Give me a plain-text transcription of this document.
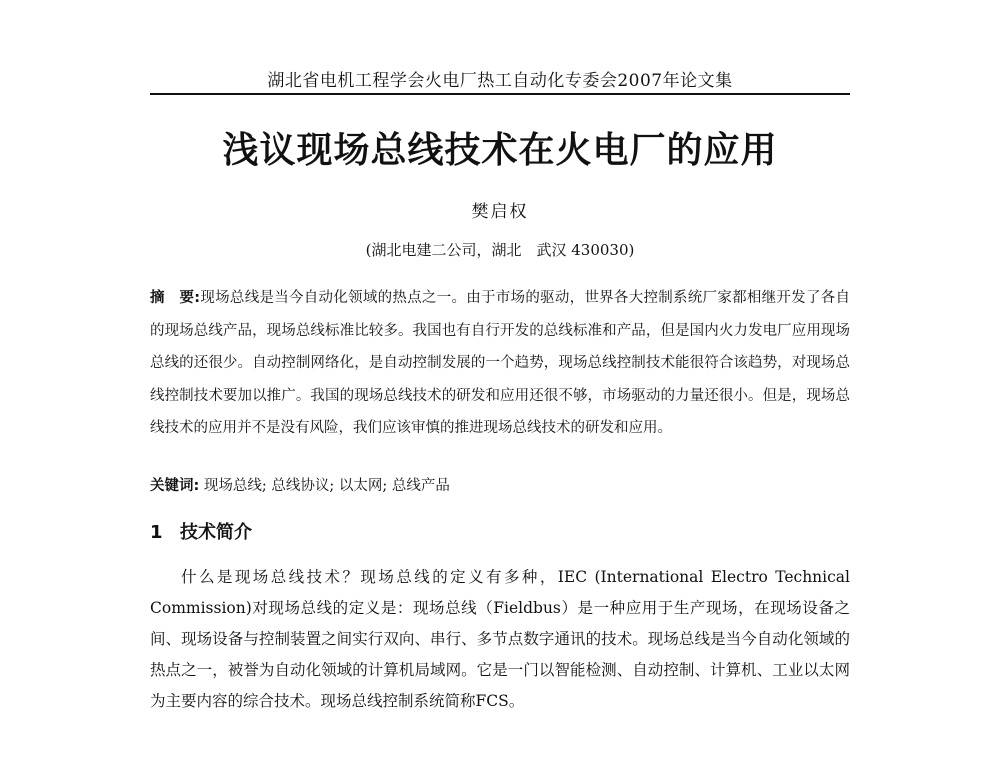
湖北省电机工程学会火电厂热工自动化专委会2007年论文集
浅议现场总线技术在火电厂的应用
樊启权
(湖北电建二公司，湖北　武汉 430030)
摘　要:现场总线是当今自动化领域的热点之一。由于市场的驱动，世界各大控制系统厂家都相继开发了各自的现场总线产品，现场总线标准比较多。我国也有自行开发的总线标准和产品，但是国内火力发电厂应用现场总线的还很少。自动控制网络化，是自动控制发展的一个趋势，现场总线控制技术能很符合该趋势，对现场总线控制技术要加以推广。我国的现场总线技术的研发和应用还很不够，市场驱动的力量还很小。但是，现场总线技术的应用并不是没有风险，我们应该审慎的推进现场总线技术的研发和应用。
关键词: 现场总线; 总线协议; 以太网; 总线产品
1 技术简介

什么是现场总线技术？现场总线的定义有多种，IEC (International Electro Technical Commission)对现场总线的定义是：现场总线（Fieldbus）是一种应用于生产现场，在现场设备之间、现场设备与控制装置之间实行双向、串行、多节点数字通讯的技术。现场总线是当今自动化领域的热点之一，被誉为自动化领域的计算机局域网。它是一门以智能检测、自动控制、计算机、工业以太网为主要内容的综合技术。现场总线控制系统简称FCS。
